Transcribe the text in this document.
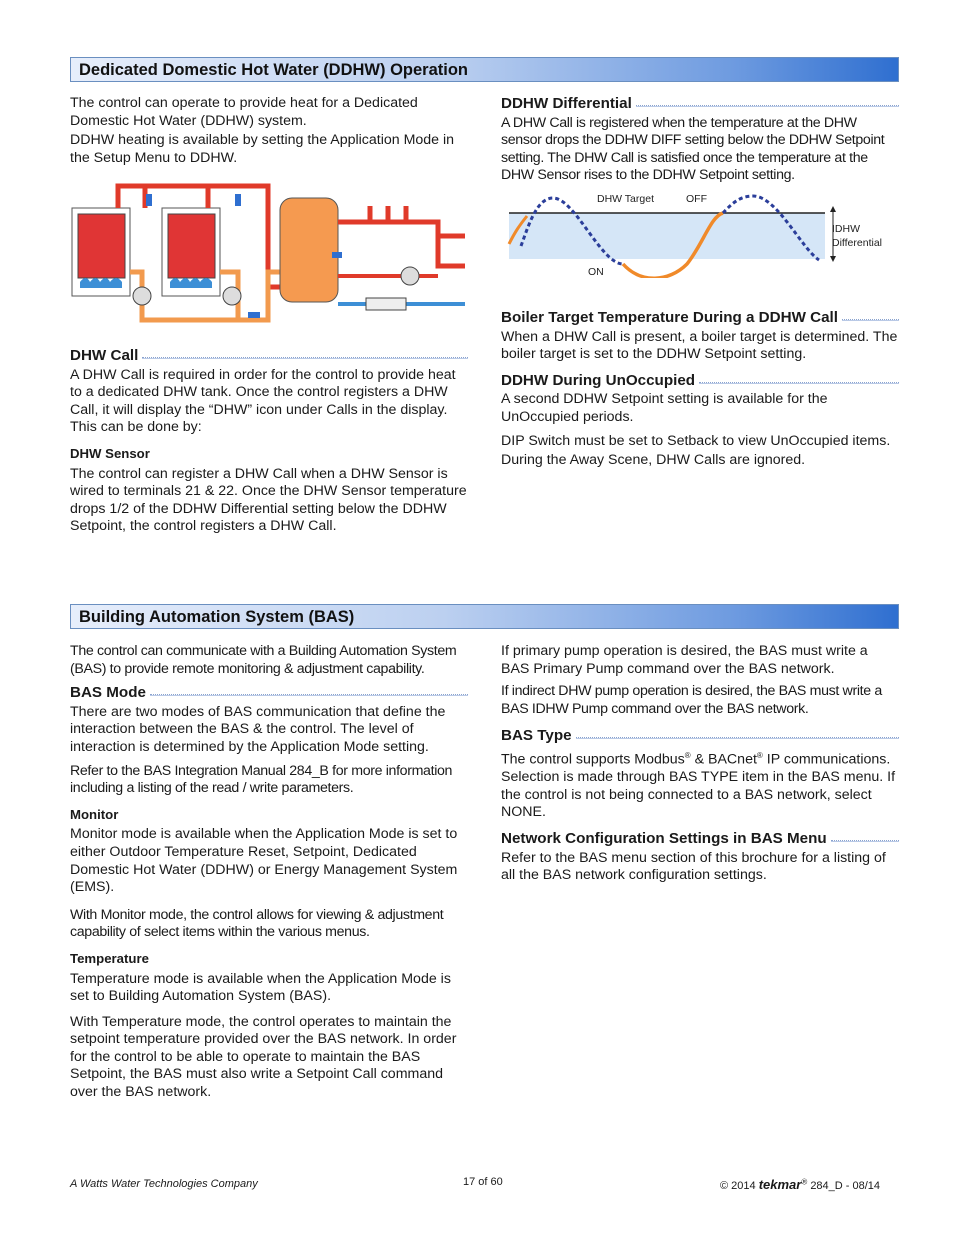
Dedicated Domestic Hot Water (DDHW) Operation

The control can operate to provide heat for a Dedicated Domestic Hot Water (DDHW) system.

DDHW heating is available by setting the Application Mode in the Setup Menu to DDHW.

DHW Call

A DHW Call is required in order for the control to provide heat to a dedicated DHW tank. Once the control registers a DHW Call, it will display the “DHW” icon under Calls in the display. This can be done by:

DHW Sensor

The control can register a DHW Call when a DHW Sensor is wired to terminals 21 & 22. Once the DHW Sensor temperature drops 1/2 of the DDHW Differential setting below the DDHW Setpoint, the control registers a DHW Call.

DDHW Differential

A DHW Call is registered when the temperature at the DHW sensor drops the DDHW DIFF setting below the DDHW Setpoint setting. The DHW Call is satisfied once the temperature at the DHW Sensor rises to the DDHW Setpoint setting.

DHW Target	OFF
ON
IDHW
Differential
Boiler Target Temperature During a DDHW Call

When a DHW Call is present, a boiler target is determined. The boiler target is set to the DDHW Setpoint setting.

DDHW During UnOccupied

A second DDHW Setpoint setting is available for the UnOccupied periods.

DIP Switch must be set to Setback to view UnOccupied items.

During the Away Scene, DHW Calls are ignored.

Building Automation System (BAS)

The control can communicate with a Building Automation System (BAS) to provide remote monitoring & adjustment capability.

BAS Mode

There are two modes of BAS communication that define the interaction between the BAS & the control. The level of interaction is determined by the Application Mode setting.

Refer to the BAS Integration Manual 284_B for more information including a listing of the read / write parameters.

Monitor

Monitor mode is available when the Application Mode is set to either Outdoor Temperature Reset, Setpoint, Dedicated Domestic Hot Water (DDHW) or Energy Management System (EMS).

With Monitor mode, the control allows for viewing & adjustment capability of select items within the various menus.

Temperature

Temperature mode is available when the Application Mode is set to Building Automation System (BAS).

With Temperature mode, the control operates to maintain the setpoint temperature provided over the BAS network. In order for the control to be able to operate to maintain the BAS Setpoint, the BAS must also write a Setpoint Call command over the BAS network.

If primary pump operation is desired, the BAS must write a BAS Primary Pump command over the BAS network.

If indirect DHW pump operation is desired, the BAS must write a BAS IDHW Pump command over the BAS network.

BAS Type

The control supports Modbus® & BACnet® IP communications. Selection is made through BAS TYPE item in the BAS menu. If the control is not being connected to a BAS network, select NONE.

Network Configuration Settings in BAS Menu

Refer to the BAS menu section of this brochure for a listing of all the BAS network configuration settings.

A Watts Water Technologies Company	17 of 60	© 2014 tekmar® 284_D - 08/14
